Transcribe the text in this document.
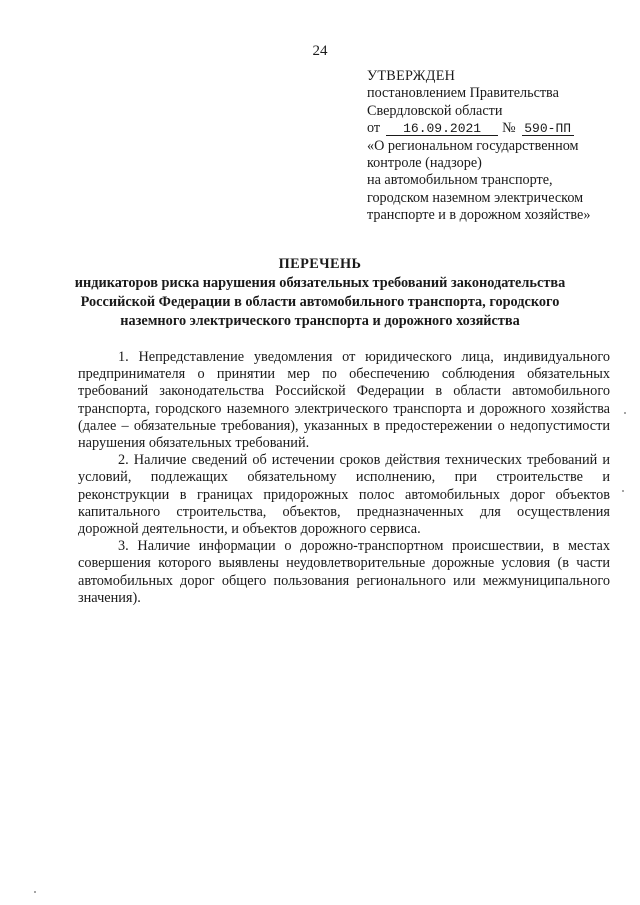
24
УТВЕРЖДЕН
постановлением Правительства
Свердловской области
от 16.09.2021 № 590-ПП
«О региональном государственном
контроле (надзоре)
на автомобильном транспорте,
городском наземном электрическом
транспорте и в дорожном хозяйстве»
ПЕРЕЧЕНЬ
индикаторов риска нарушения обязательных требований законодательства
Российской Федерации в области автомобильного транспорта, городского
наземного электрического транспорта и дорожного хозяйства

1. Непредставление уведомления от юридического лица, индивидуального предпринимателя о принятии мер по обеспечению соблюдения обязательных требований законодательства Российской Федерации в области автомобильного транспорта, городского наземного электрического транспорта и дорожного хозяйства (далее – обязательные требования), указанных в предостережении о недопустимости нарушения обязательных требований.

2. Наличие сведений об истечении сроков действия технических требований и условий, подлежащих обязательному исполнению, при строительстве и реконструкции в границах придорожных полос автомобильных дорог объектов капитального строительства, объектов, предназначенных для осуществления дорожной деятельности, и объектов дорожного сервиса.

3. Наличие информации о дорожно-транспортном происшествии, в местах совершения которого выявлены неудовлетворительные дорожные условия (в части автомобильных дорог общего пользования регионального или межмуниципального значения).
